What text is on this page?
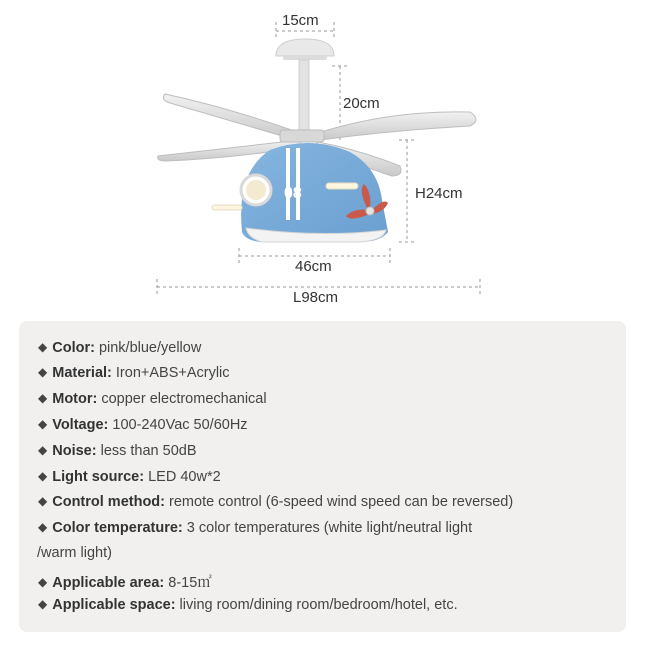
08
15cm
20cm
H24cm
46cm
L98cm
◆ Color: pink/blue/yellow
◆ Material: Iron+ABS+Acrylic
◆ Motor: copper electromechanical
◆ Voltage: 100-240Vac 50/60Hz
◆ Noise: less than 50dB
◆ Light source: LED 40w*2
◆ Control method: remote control (6-speed wind speed can be reversed)
◆ Color temperature: 3 color temperatures (white light/neutral light
/warm light)
◆ Applicable area: 8-15㎡
◆ Applicable space: living room/dining room/bedroom/hotel, etc.
